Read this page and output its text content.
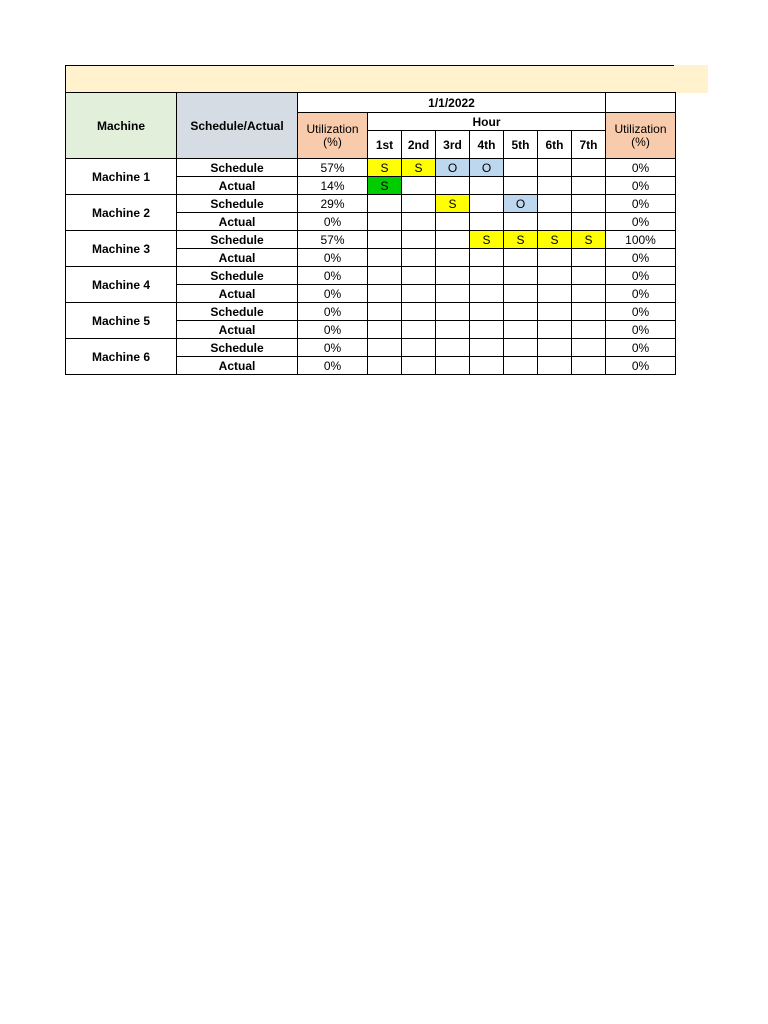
Machine	Schedule/Actual	1/1/2022								
		Utilization (%)	Hour							Utilization (%)
			1st	2nd	3rd	4th	5th	6th	7th	
Machine 1	Schedule	57%	S	S	O	O				0%
	Actual	14%	S							0%
Machine 2	Schedule	29%			S		O			0%
	Actual	0%								0%
Machine 3	Schedule	57%				S	S	S	S	100%
	Actual	0%								0%
Machine 4	Schedule	0%								0%
	Actual	0%								0%
Machine 5	Schedule	0%								0%
	Actual	0%								0%
Machine 6	Schedule	0%								0%
	Actual	0%								0%
